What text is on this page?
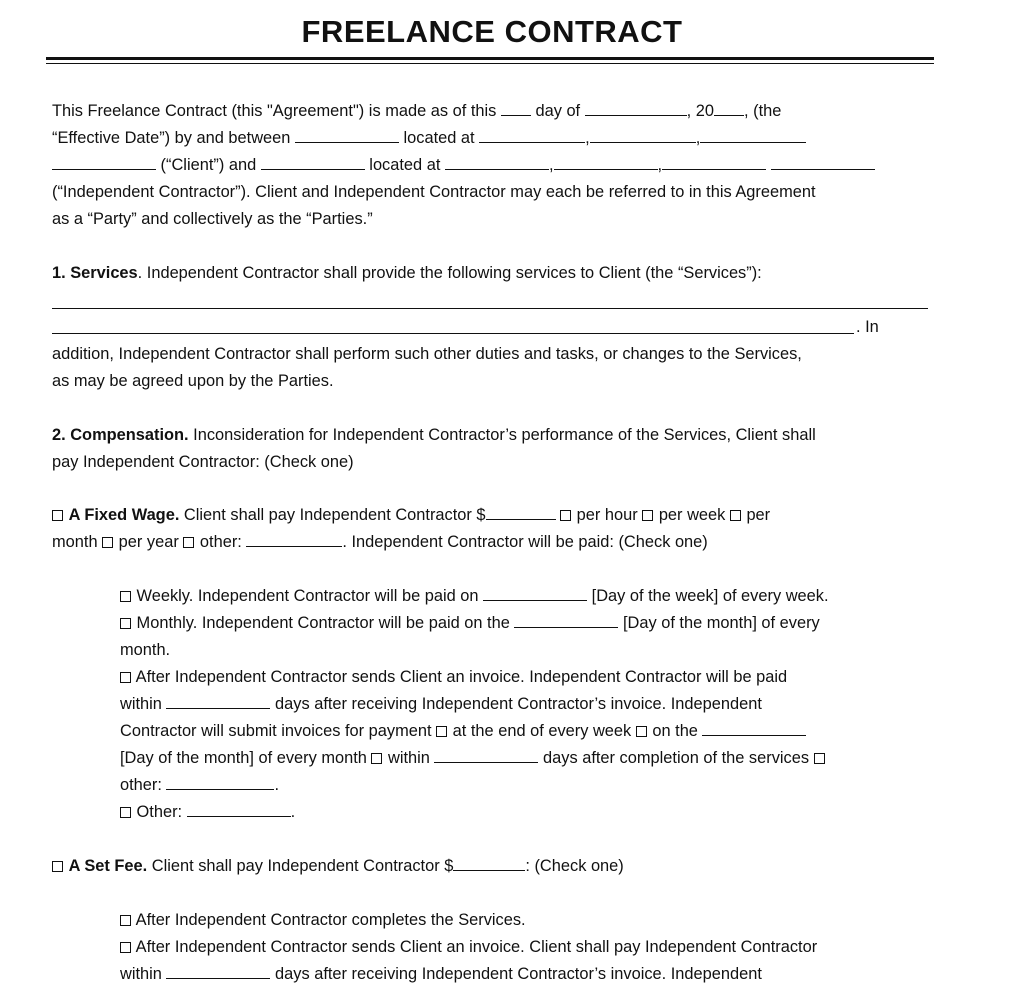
FREELANCE CONTRACT
This Freelance Contract (this "Agreement") is made as of this  day of	, 20 , (the
“Effective Date”) by and between	located at	,	,
(“Client”) and	located at	,	,
(“Independent Contractor”). Client and Independent Contractor may each be referred to in this Agreement
as a “Party” and collectively as the “Parties.”
1. Services. Independent Contractor shall provide the following services to Client (the “Services”):
. In
addition, Independent Contractor shall perform such other duties and tasks, or changes to the Services,
as may be agreed upon by the Parties.
2. Compensation. Inconsideration for Independent Contractor’s performance of the Services, Client shall
pay Independent Contractor: (Check one)
A Fixed Wage. Client shall pay Independent Contractor $	per hour  per week  per
month  per year  other:	. Independent Contractor will be paid: (Check one)
Weekly. Independent Contractor will be paid on	[Day of the week] of every week.
Monthly. Independent Contractor will be paid on the	[Day of the month] of every
month.
After Independent Contractor sends Client an invoice. Independent Contractor will be paid
within	days after receiving Independent Contractor’s invoice. Independent
Contractor will submit invoices for payment  at the end of every week  on the
[Day of the month] of every month  within	days after completion of the services
other:	.
Other:	.
A Set Fee. Client shall pay Independent Contractor $	: (Check one)
After Independent Contractor completes the Services.
After Independent Contractor sends Client an invoice. Client shall pay Independent Contractor
within	days after receiving Independent Contractor’s invoice. Independent
